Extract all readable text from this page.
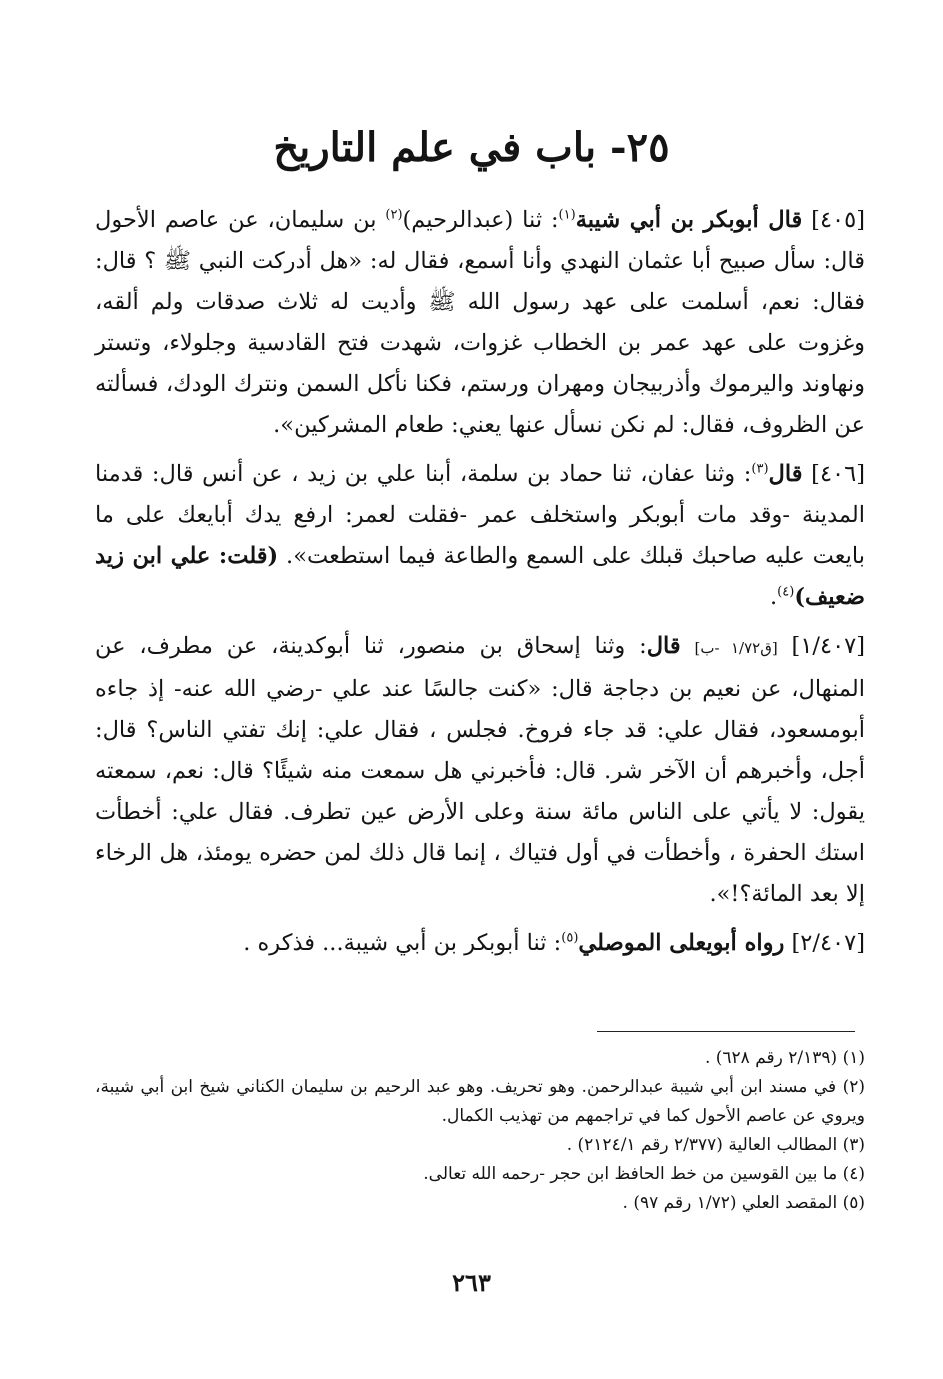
٢٥- باب في علم التاريخ

[٤٠٥] قال أبوبكر بن أبي شيبة$^{(١)}$: ثنا (عبدالرحيم)$^{(٢)}$ بن سليمان، عن عاصم الأحول قال: سأل صبيح أبا عثمان النهدي وأنا أسمع، فقال له: «هل أدركت النبي ﷺ ؟ قال: فقال: نعم، أسلمت على عهد رسول الله ﷺ وأديت له ثلاث صدقات ولم ألقه، وغزوت على عهد عمر بن الخطاب غزوات، شهدت فتح القادسية وجلولاء، وتستر ونهاوند واليرموك وأذربيجان ومهران ورستم، فكنا نأكل السمن ونترك الودك، فسألته عن الظروف، فقال: لم نكن نسأل عنها يعني: طعام المشركين».

[٤٠٦] قال$^{(٣)}$: وثنا عفان، ثنا حماد بن سلمة، أبنا علي بن زيد ، عن أنس قال: قدمنا المدينة -وقد مات أبوبكر واستخلف عمر -فقلت لعمر: ارفع يدك أبايعك على ما بايعت عليه صاحبك قبلك على السمع والطاعة فيما استطعت». (قلت: علي ابن زيد ضعيف)$^{(٤)}$.

[١/٤٠٧] [ق١/٧٢ -ب] قال: وثنا إسحاق بن منصور، ثنا أبوكدينة، عن مطرف، عن المنهال، عن نعيم بن دجاجة قال: «كنت جالسًا عند علي -رضي الله عنه- إذ جاءه أبومسعود، فقال علي: قد جاء فروخ. فجلس ، فقال علي: إنك تفتي الناس؟ قال: أجل، وأخبرهم أن الآخر شر. قال: فأخبرني هل سمعت منه شيئًا؟ قال: نعم، سمعته يقول: لا يأتي على الناس مائة سنة وعلى الأرض عين تطرف. فقال علي: أخطأت استك الحفرة ، وأخطأت في أول فتياك ، إنما قال ذلك لمن حضره يومئذ، هل الرخاء إلا بعد المائة؟!».

[٢/٤٠٧] رواه أبويعلى الموصلي$^{(٥)}$: ثنا أبوبكر بن أبي شيبة... فذكره .

(١) (٢/١٣٩ رقم ٦٢٨) .

(٢) في مسند ابن أبي شيبة عبدالرحمن. وهو تحريف. وهو عبد الرحيم بن سليمان الكناني شيخ ابن أبي شيبة، ويروي عن عاصم الأحول كما في تراجمهم من تهذيب الكمال.

(٣) المطالب العالية (٢/٣٧٧ رقم ٢١٢٤/١) .

(٤) ما بين القوسين من خط الحافظ ابن حجر -رحمه الله تعالى.

(٥) المقصد العلي (١/٧٢ رقم ٩٧) .

٢٦٣
